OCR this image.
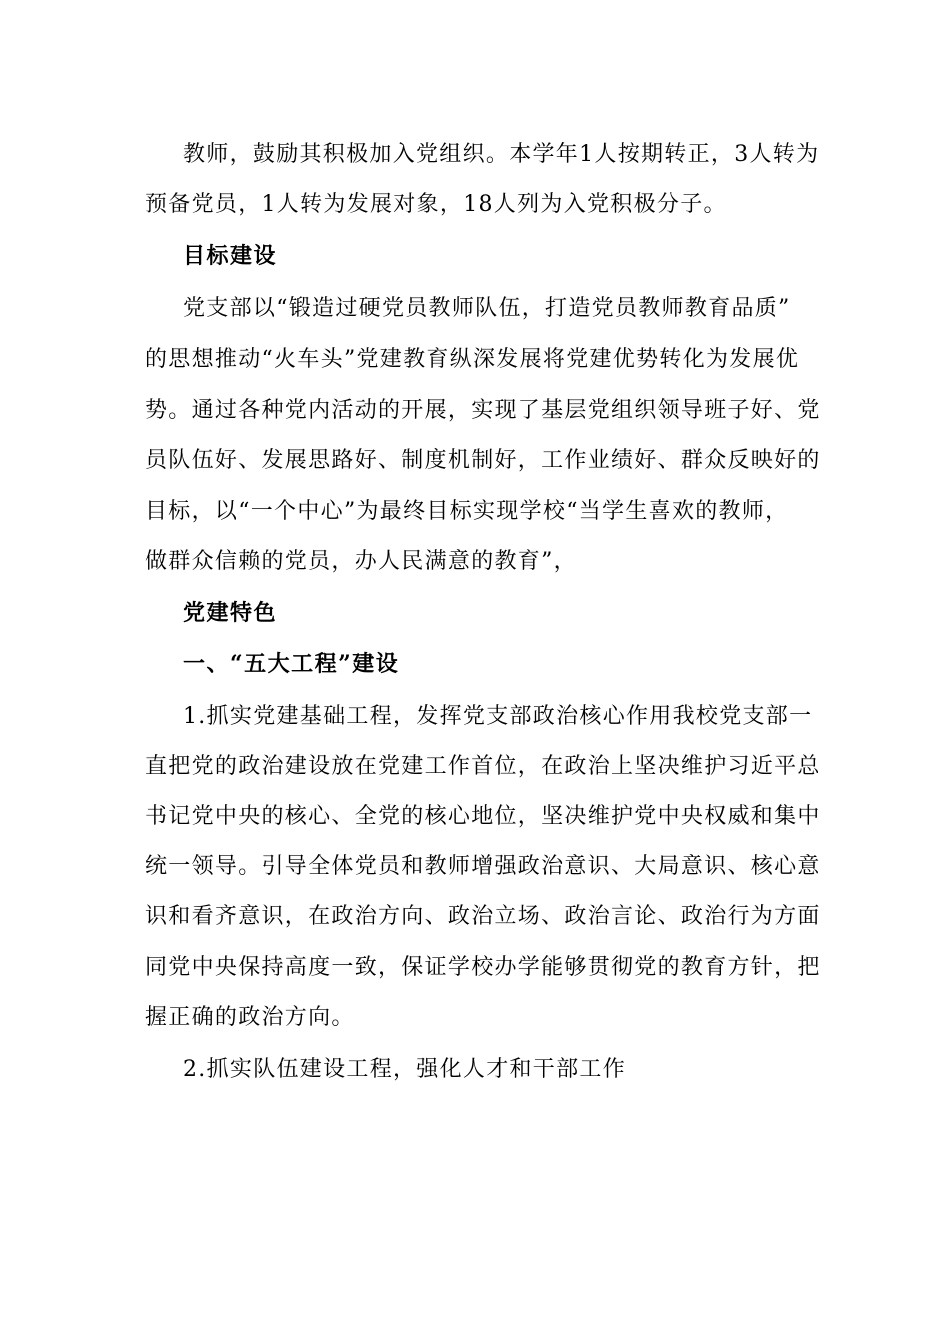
教师，鼓励其积极加入党组织。本学年1人按期转正，3人转为
预备党员，1人转为发展对象，18人列为入党积极分子。
目标建设
党支部以“锻造过硬党员教师队伍，打造党员教师教育品质”
的思想推动“火车头”党建教育纵深发展将党建优势转化为发展优
势。通过各种党内活动的开展，实现了基层党组织领导班子好、党
员队伍好、发展思路好、制度机制好，工作业绩好、群众反映好的
目标，以“一个中心”为最终目标实现学校“当学生喜欢的教师，
做群众信赖的党员，办人民满意的教育”，
党建特色
一、“五大工程”建设
1.抓实党建基础工程，发挥党支部政治核心作用我校党支部一
直把党的政治建设放在党建工作首位，在政治上坚决维护习近平总
书记党中央的核心、全党的核心地位，坚决维护党中央权威和集中
统一领导。引导全体党员和教师增强政治意识、大局意识、核心意
识和看齐意识，在政治方向、政治立场、政治言论、政治行为方面
同党中央保持高度一致，保证学校办学能够贯彻党的教育方针，把
握正确的政治方向。
2.抓实队伍建设工程，强化人才和干部工作
